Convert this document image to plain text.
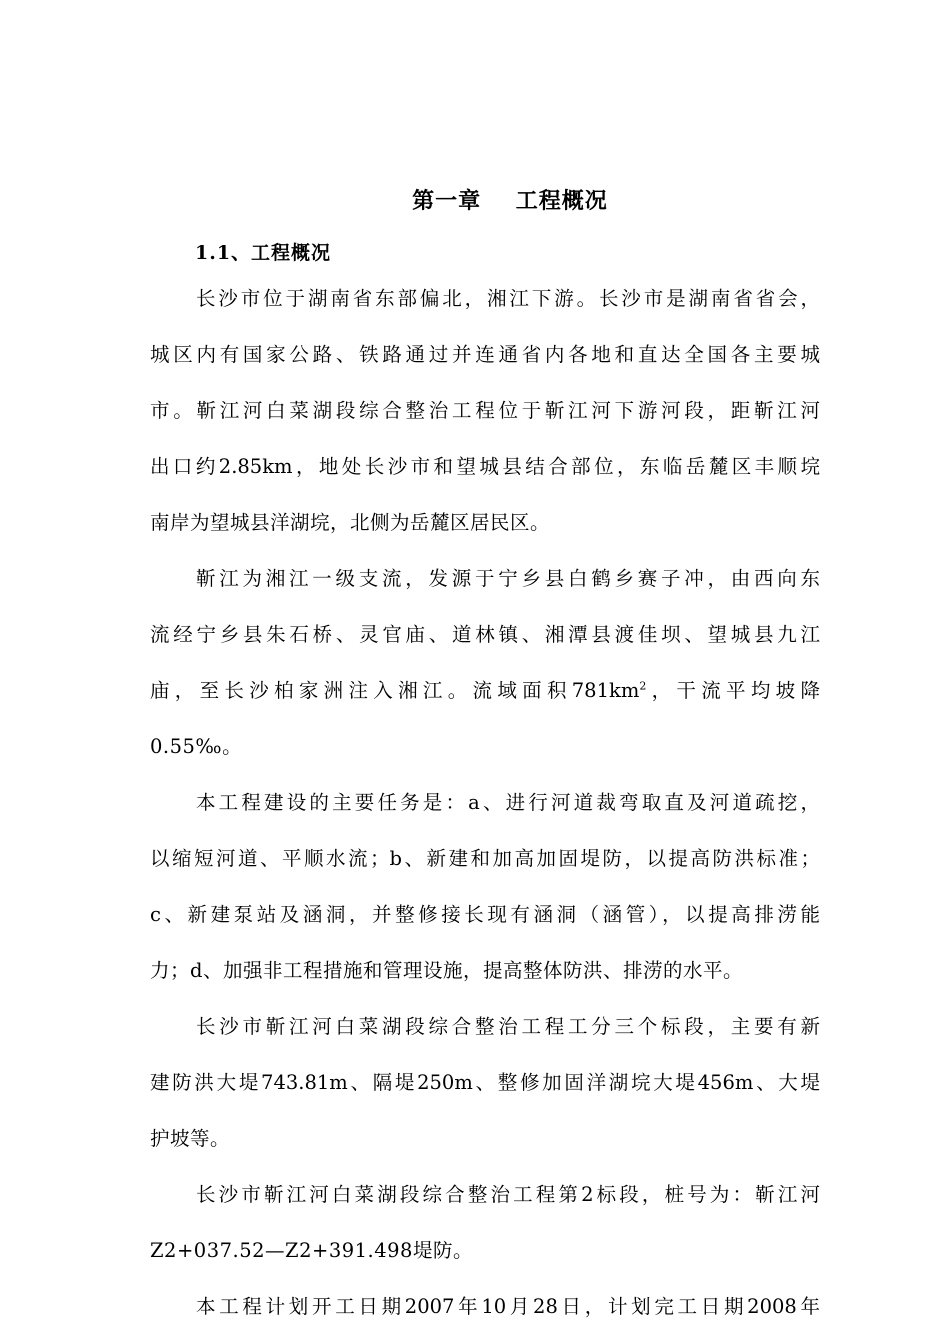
第一章    工程概况
1.1、工程概况
长沙市位于湖南省东部偏北，湘江下游。长沙市是湖南省省会，
城区内有国家公路、铁路通过并连通省内各地和直达全国各主要城
市。靳江河白菜湖段综合整治工程位于靳江河下游河段，距靳江河
出口约2.85km，地处长沙市和望城县结合部位，东临岳麓区丰顺垸
南岸为望城县洋湖垸，北侧为岳麓区居民区。
靳江为湘江一级支流，发源于宁乡县白鹤乡赛子冲，由西向东
流经宁乡县朱石桥、灵官庙、道林镇、湘潭县渡佳坝、望城县九江
庙，至长沙柏家洲注入湘江。流域面积$781km^2$，干流平均坡降
0.55‰。
本工程建设的主要任务是：a、进行河道裁弯取直及河道疏挖，
以缩短河道、平顺水流；b、新建和加高加固堤防，以提高防洪标准；
c、新建泵站及涵洞，并整修接长现有涵洞（涵管），以提高排涝能
力；d、加强非工程措施和管理设施，提高整体防洪、排涝的水平。
长沙市靳江河白菜湖段综合整治工程工分三个标段，主要有新
建防洪大堤743.81m、隔堤250m、整修加固洋湖垸大堤456m、大堤
护坡等。
长沙市靳江河白菜湖段综合整治工程第2标段，桩号为：靳江河
Z2+037.52—Z2+391.498堤防。
本工程计划开工日期2007年10月28日，计划完工日期2008年
